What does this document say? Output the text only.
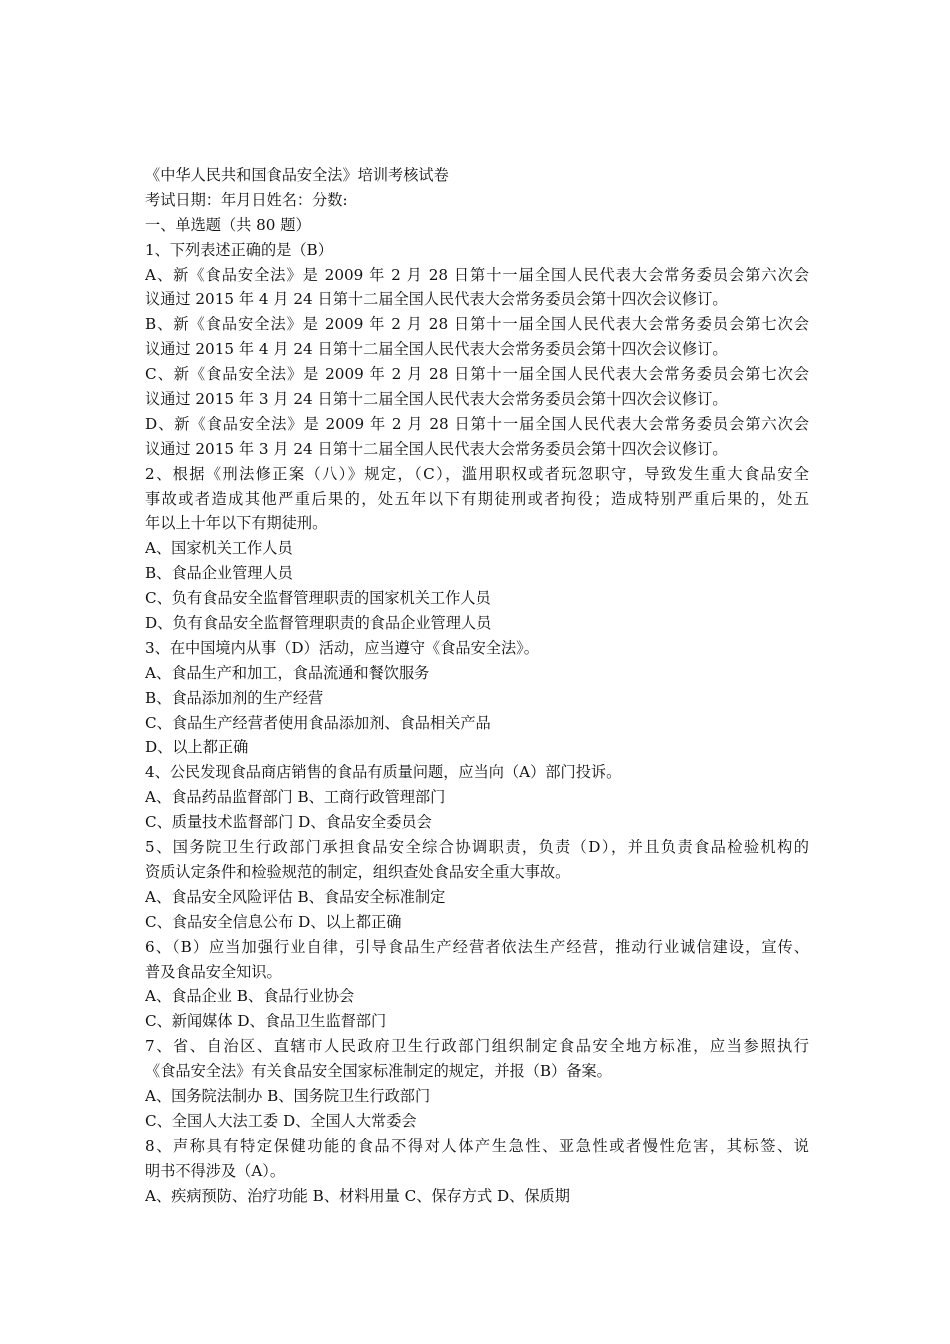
《中华人民共和国食品安全法》培训考核试卷
考试日期：年月日姓名：分数:
一、单选题（共 80 题）
1、下列表述正确的是（B）
A、新《食品安全法》是 2009 年 2 月 28 日第十一届全国人民代表大会常务委员会第六次会
议通过 2015 年 4 月 24 日第十二届全国人民代表大会常务委员会第十四次会议修订。
B、新《食品安全法》是 2009 年 2 月 28 日第十一届全国人民代表大会常务委员会第七次会
议通过 2015 年 4 月 24 日第十二届全国人民代表大会常务委员会第十四次会议修订。
C、新《食品安全法》是 2009 年 2 月 28 日第十一届全国人民代表大会常务委员会第七次会
议通过 2015 年 3 月 24 日第十二届全国人民代表大会常务委员会第十四次会议修订。
D、新《食品安全法》是 2009 年 2 月 28 日第十一届全国人民代表大会常务委员会第六次会
议通过 2015 年 3 月 24 日第十二届全国人民代表大会常务委员会第十四次会议修订。
2、根据《刑法修正案（八）》规定，（C），滥用职权或者玩忽职守，导致发生重大食品安全
事故或者造成其他严重后果的，处五年以下有期徒刑或者拘役；造成特别严重后果的，处五
年以上十年以下有期徒刑。
A、国家机关工作人员
B、食品企业管理人员
C、负有食品安全监督管理职责的国家机关工作人员
D、负有食品安全监督管理职责的食品企业管理人员
3、在中国境内从事（D）活动，应当遵守《食品安全法》。
A、食品生产和加工，食品流通和餐饮服务
B、食品添加剂的生产经营
C、食品生产经营者使用食品添加剂、食品相关产品
D、以上都正确
4、公民发现食品商店销售的食品有质量问题，应当向（A）部门投诉。
A、食品药品监督部门 B、工商行政管理部门
C、质量技术监督部门 D、食品安全委员会
5、国务院卫生行政部门承担食品安全综合协调职责，负责（D），并且负责食品检验机构的
资质认定条件和检验规范的制定，组织查处食品安全重大事故。
A、食品安全风险评估 B、食品安全标准制定
C、食品安全信息公布 D、以上都正确
6、（B）应当加强行业自律，引导食品生产经营者依法生产经营，推动行业诚信建设，宣传、
普及食品安全知识。
A、食品企业 B、食品行业协会
C、新闻媒体 D、食品卫生监督部门
7、省、自治区、直辖市人民政府卫生行政部门组织制定食品安全地方标准，应当参照执行
《食品安全法》有关食品安全国家标准制定的规定，并报（B）备案。
A、国务院法制办 B、国务院卫生行政部门
C、全国人大法工委 D、全国人大常委会
8、声称具有特定保健功能的食品不得对人体产生急性、亚急性或者慢性危害，其标签、说
明书不得涉及（A）。
A、疾病预防、治疗功能 B、材料用量 C、保存方式 D、保质期
